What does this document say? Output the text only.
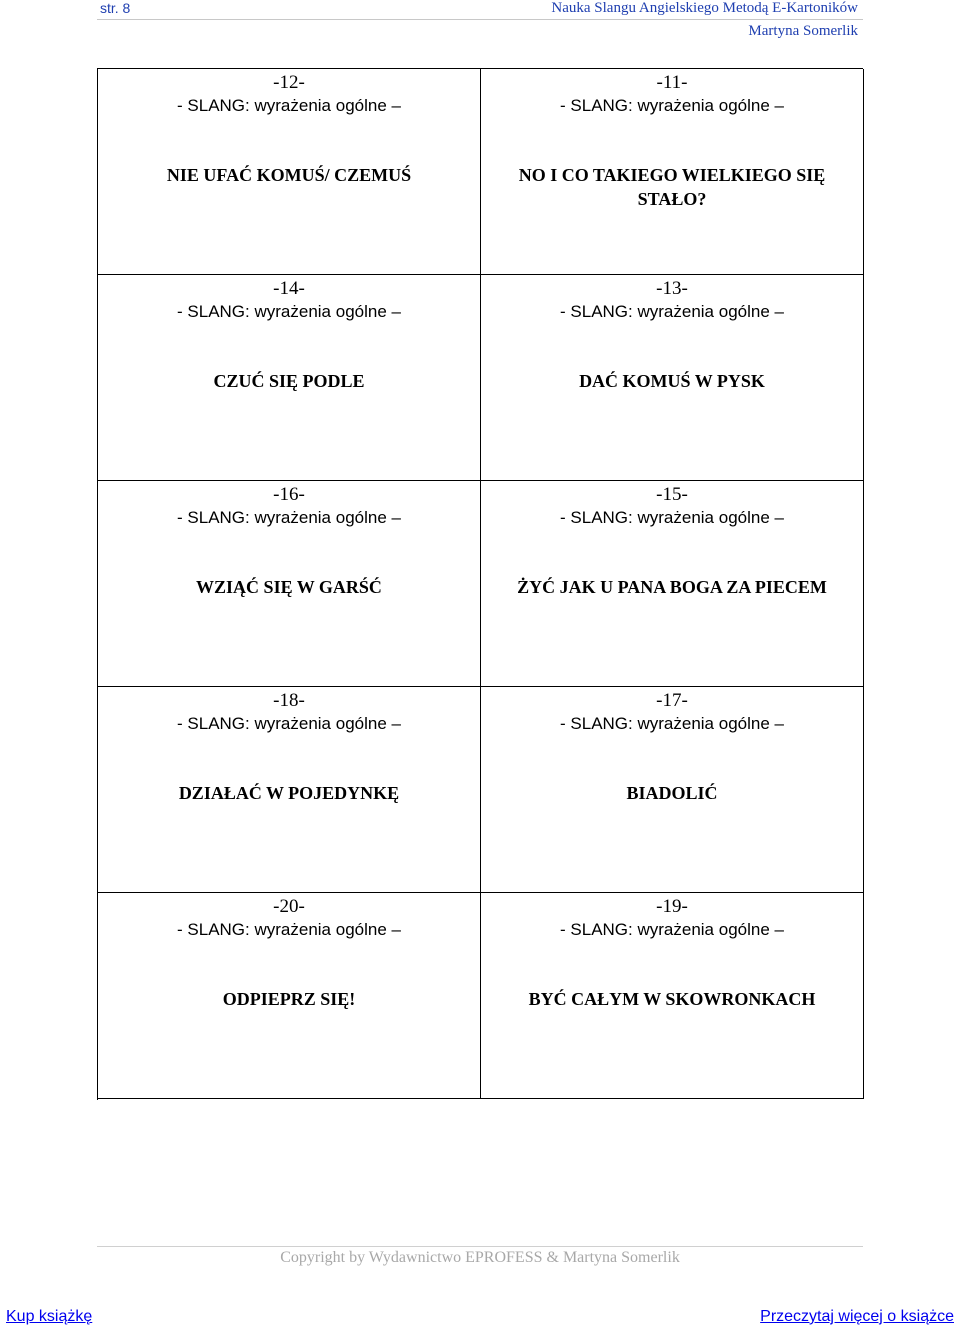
str. 8	Nauka Slangu Angielskiego Metodą E-Kartoników
Martyna Somerlik
-12-
- SLANG: wyrażenia ogólne –
NIE UFAĆ KOMUŚ/ CZEMUŚ
-11-
- SLANG: wyrażenia ogólne –
NO I CO TAKIEGO WIELKIEGO SIĘ STAŁO?
-14-
- SLANG: wyrażenia ogólne –
CZUĆ SIĘ PODLE
-13-
- SLANG: wyrażenia ogólne –
DAĆ KOMUŚ W PYSK
-16-
- SLANG: wyrażenia ogólne –
WZIĄĆ SIĘ W GARŚĆ
-15-
- SLANG: wyrażenia ogólne –
ŻYĆ JAK U PANA BOGA ZA PIECEM
-18-
- SLANG: wyrażenia ogólne –
DZIAŁAĆ W POJEDYNKĘ
-17-
- SLANG: wyrażenia ogólne –
BIADOLIĆ
-20-
- SLANG: wyrażenia ogólne –
ODPIEPRZ SIĘ!
-19-
- SLANG: wyrażenia ogólne –
BYĆ CAŁYM W SKOWRONKACH
Copyright by Wydawnictwo EPROFESS & Martyna Somerlik
Kup książkę	Przeczytaj więcej o książce
